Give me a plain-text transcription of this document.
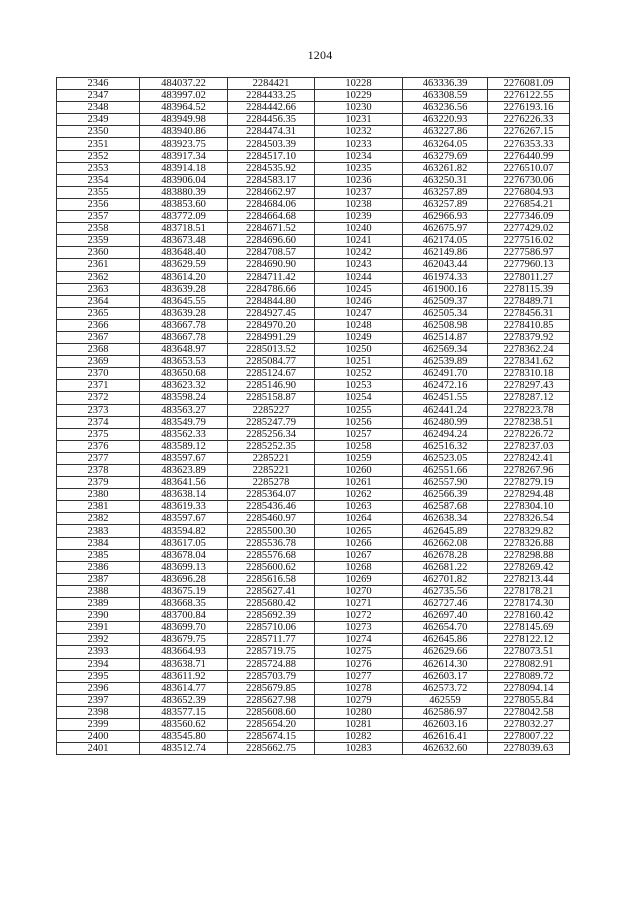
1204
2346	484037.22	2284421	10228	463336.39	2276081.09
2347	483997.02	2284433.25	10229	463308.59	2276122.55
2348	483964.52	2284442.66	10230	463236.56	2276193.16
2349	483949.98	2284456.35	10231	463220.93	2276226.33
2350	483940.86	2284474.31	10232	463227.86	2276267.15
2351	483923.75	2284503.39	10233	463264.05	2276353.33
2352	483917.34	2284517.10	10234	463279.69	2276440.99
2353	483914.18	2284535.92	10235	463261.82	2276510.07
2354	483906.04	2284583.17	10236	463250.31	2276730.06
2355	483880.39	2284662.97	10237	463257.89	2276804.93
2356	483853.60	2284684.06	10238	463257.89	2276854.21
2357	483772.09	2284664.68	10239	462966.93	2277346.09
2358	483718.51	2284671.52	10240	462675.97	2277429.02
2359	483673.48	2284696.60	10241	462174.05	2277516.02
2360	483648.40	2284708.57	10242	462149.86	2277586.97
2361	483629.59	2284690.90	10243	462043.44	2277960.13
2362	483614.20	2284711.42	10244	461974.33	2278011.27
2363	483639.28	2284786.66	10245	461900.16	2278115.39
2364	483645.55	2284844.80	10246	462509.37	2278489.71
2365	483639.28	2284927.45	10247	462505.34	2278456.31
2366	483667.78	2284970.20	10248	462508.98	2278410.85
2367	483667.78	2284991.29	10249	462514.87	2278379.92
2368	483648.97	2285013.52	10250	462569.34	2278362.24
2369	483653.53	2285084.77	10251	462539.89	2278341.62
2370	483650.68	2285124.67	10252	462491.70	2278310.18
2371	483623.32	2285146.90	10253	462472.16	2278297.43
2372	483598.24	2285158.87	10254	462451.55	2278287.12
2373	483563.27	2285227	10255	462441.24	2278223.78
2374	483549.79	2285247.79	10256	462480.99	2278238.51
2375	483562.33	2285256.34	10257	462494.24	2278226.72
2376	483589.12	2285252.35	10258	462516.32	2278237.03
2377	483597.67	2285221	10259	462523.05	2278242.41
2378	483623.89	2285221	10260	462551.66	2278267.96
2379	483641.56	2285278	10261	462557.90	2278279.19
2380	483638.14	2285364.07	10262	462566.39	2278294.48
2381	483619.33	2285436.46	10263	462587.68	2278304.10
2382	483597.67	2285460.97	10264	462638.34	2278326.54
2383	483594.82	2285500.30	10265	462645.89	2278329.82
2384	483617.05	2285536.78	10266	462662.08	2278326.88
2385	483678.04	2285576.68	10267	462678.28	2278298.88
2386	483699.13	2285600.62	10268	462681.22	2278269.42
2387	483696.28	2285616.58	10269	462701.82	2278213.44
2388	483675.19	2285627.41	10270	462735.56	2278178.21
2389	483668.35	2285680.42	10271	462727.46	2278174.30
2390	483700.84	2285692.39	10272	462697.40	2278160.42
2391	483699.70	2285710.06	10273	462654.70	2278145.69
2392	483679.75	2285711.77	10274	462645.86	2278122.12
2393	483664.93	2285719.75	10275	462629.66	2278073.51
2394	483638.71	2285724.88	10276	462614.30	2278082.91
2395	483611.92	2285703.79	10277	462603.17	2278089.72
2396	483614.77	2285679.85	10278	462573.72	2278094.14
2397	483652.39	2285627.98	10279	462559	2278055.84
2398	483577.15	2285608.60	10280	462586.97	2278042.58
2399	483560.62	2285654.20	10281	462603.16	2278032.27
2400	483545.80	2285674.15	10282	462616.41	2278007.22
2401	483512.74	2285662.75	10283	462632.60	2278039.63
